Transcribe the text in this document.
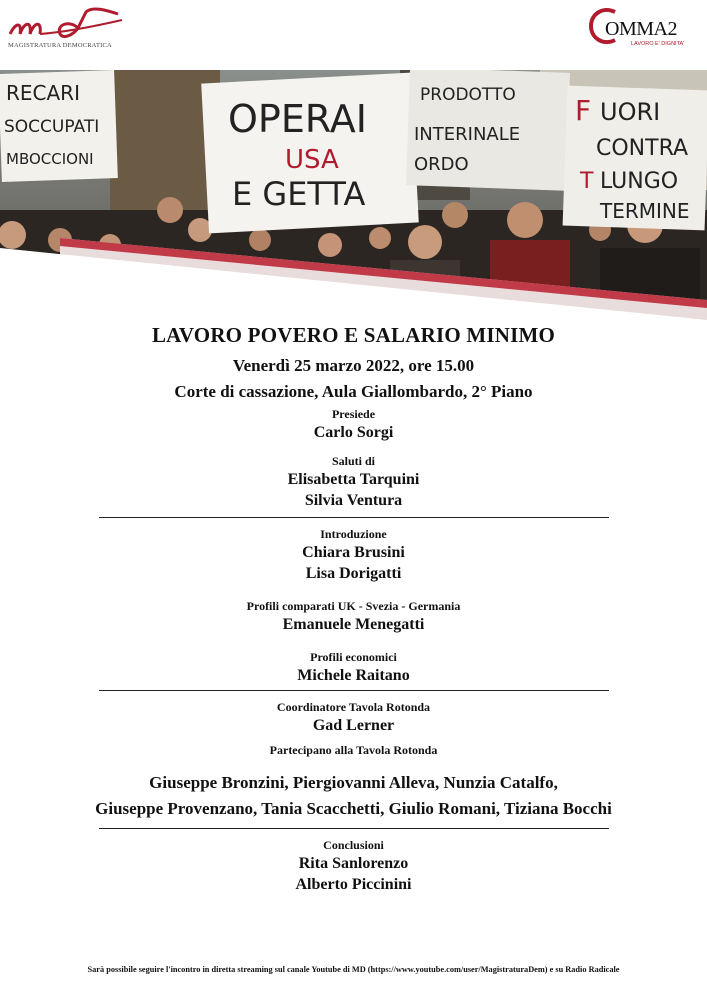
MAGISTRATURA DEMOCRATICA
OMMA2
LAVORO E' DIGNITA'
RECARI
SOCCUPATI
MBOCCIONI
OPERAI
USA
E GETTA
PRODOTTO
INTERINALE
ORDO
F UORI
CONTRA
T LUNGO
TERMINE
LAVORO POVERO E SALARIO MINIMO
Venerdì 25 marzo 2022, ore 15.00
Corte di cassazione, Aula Giallombardo, 2° Piano
Presiede
Carlo Sorgi
Saluti di
Elisabetta Tarquini
Silvia Ventura
Introduzione
Chiara Brusini
Lisa Dorigatti
Profili comparati UK - Svezia - Germania
Emanuele Menegatti
Profili economici
Michele Raitano
Coordinatore Tavola Rotonda
Gad Lerner
Partecipano alla Tavola Rotonda
Giuseppe Bronzini, Piergiovanni Alleva, Nunzia Catalfo,
Giuseppe Provenzano, Tania Scacchetti, Giulio Romani, Tiziana Bocchi
Conclusioni
Rita Sanlorenzo
Alberto Piccinini
Sarà possibile seguire l'incontro in diretta streaming sul canale Youtube di MD (https://www.youtube.com/user/MagistraturaDem) e su Radio Radicale
